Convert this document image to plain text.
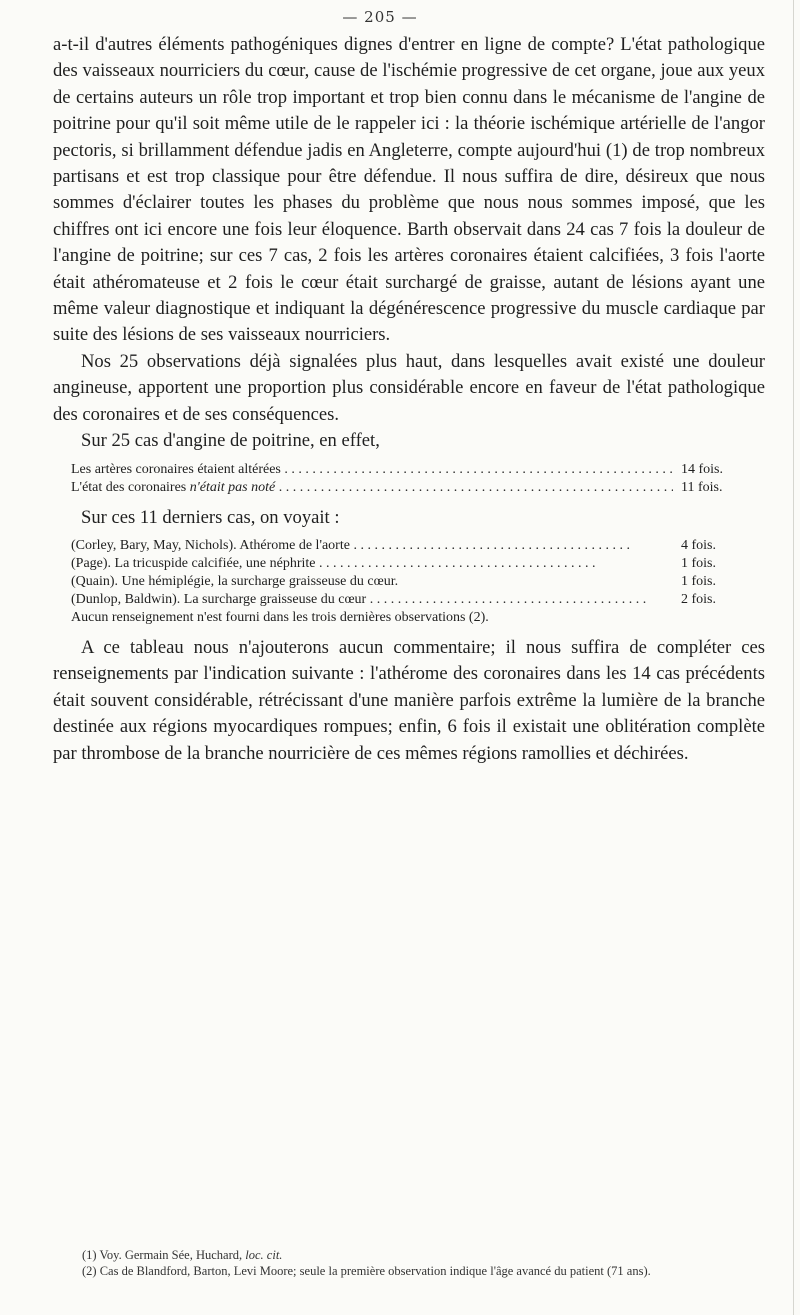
— 205 —

a-t-il d'autres éléments pathogéniques dignes d'entrer en ligne de compte? L'état pathologique des vaisseaux nourriciers du cœur, cause de l'ischémie progressive de cet organe, joue aux yeux de certains auteurs un rôle trop important et trop bien connu dans le mécanisme de l'angine de poitrine pour qu'il soit même utile de le rappeler ici : la théorie ischémique artérielle de l'angor pectoris, si brillamment défendue jadis en Angleterre, compte aujourd'hui (1) de trop nombreux partisans et est trop classique pour être défendue. Il nous suffira de dire, désireux que nous sommes d'éclairer toutes les phases du problème que nous nous sommes imposé, que les chiffres ont ici encore une fois leur éloquence. Barth observait dans 24 cas 7 fois la douleur de l'angine de poitrine; sur ces 7 cas, 2 fois les artères coronaires étaient calcifiées, 3 fois l'aorte était athéromateuse et 2 fois le cœur était surchargé de graisse, autant de lésions ayant une même valeur diagnostique et indiquant la dégénérescence progressive du muscle cardiaque par suite des lésions de ses vaisseaux nourriciers.

Nos 25 observations déjà signalées plus haut, dans lesquelles avait existé une douleur angineuse, apportent une proportion plus considérable encore en faveur de l'état pathologique des coronaires et de ses conséquences.

Sur 25 cas d'angine de poitrine, en effet,

Les artères coronaires étaient altérées . . .	14 fois.
L'état des coronaires n'était pas noté . . .	11 fois.

Sur ces 11 derniers cas, on voyait :

(Corley, Bary, May, Nichols). Athérome de l'aorte . . .	4 fois.
(Page). La tricuspide calcifiée, une néphrite . . .	1 fois.
(Quain). Une hémiplégie, la surcharge graisseuse du cœur.	1 fois.
(Dunlop, Baldwin). La surcharge graisseuse du cœur . . .	2 fois.
Aucun renseignement n'est fourni dans les trois dernières observations (2).

A ce tableau nous n'ajouterons aucun commentaire; il nous suffira de compléter ces renseignements par l'indication suivante : l'athérome des coronaires dans les 14 cas précédents était souvent considérable, rétrécissant d'une manière parfois extrême la lumière de la branche destinée aux régions myocardiques rompues; enfin, 6 fois il existait une oblitération complète par thrombose de la branche nourricière de ces mêmes régions ramollies et déchirées.

(1) Voy. Germain Sée, Huchard, loc. cit.

(2) Cas de Blandford, Barton, Levi Moore; seule la première observation indique l'âge avancé du patient (71 ans).
